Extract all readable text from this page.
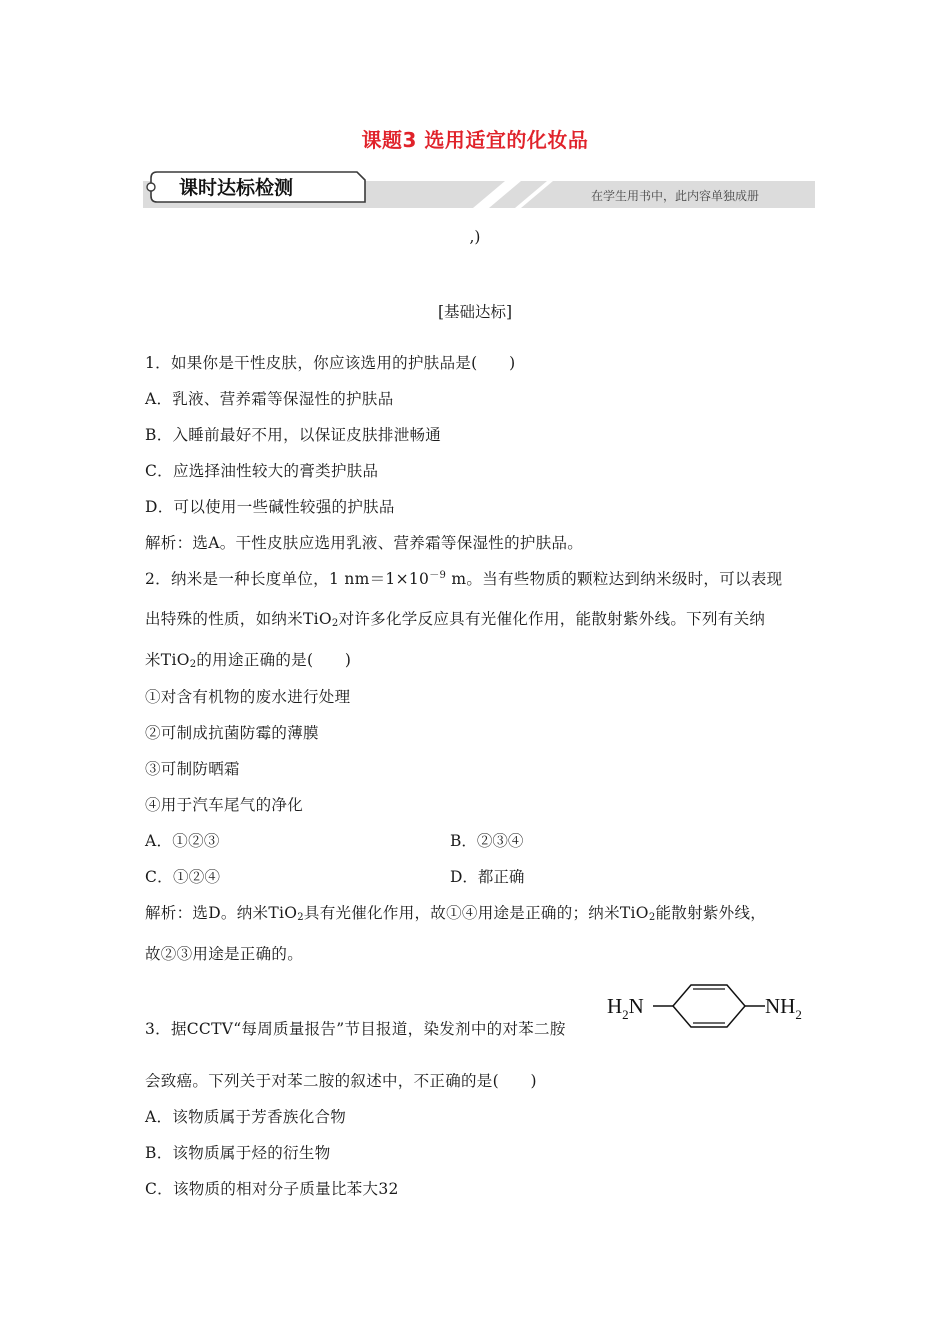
课题3 选用适宜的化妆品
课时达标检测	在学生用书中，此内容单独成册
,)
[基础达标]
1．如果你是干性皮肤，你应该选用的护肤品是(　　)
A．乳液、营养霜等保湿性的护肤品
B．入睡前最好不用，以保证皮肤排泄畅通
C．应选择油性较大的膏类护肤品
D．可以使用一些碱性较强的护肤品
解析：选A。干性皮肤应选用乳液、营养霜等保湿性的护肤品。
2．纳米是一种长度单位，1 $nm=1\times 10^{-9}$ m。当有些物质的颗粒达到纳米级时，可以表现
出特殊的性质，如纳米TiO$_2$对许多化学反应具有光催化作用，能散射紫外线。下列有关纳
米TiO$_2$的用途正确的是(　　)
①对含有机物的废水进行处理
②可制成抗菌防霉的薄膜
③可制防晒霜
④用于汽车尾气的净化
A．①②③	B．②③④
C．①②④	D．都正确
解析：选D。纳米TiO$_2$具有光催化作用，故①④用途是正确的；纳米TiO$_2$能散射紫外线，
故②③用途是正确的。
3．据CCTV“每周质量报告”节目报道，染发剂中的对苯二胺
$H_2N$	$NH_2$
会致癌。下列关于对苯二胺的叙述中，不正确的是(　　)
A．该物质属于芳香族化合物
B．该物质属于烃的衍生物
C．该物质的相对分子质量比苯大32
